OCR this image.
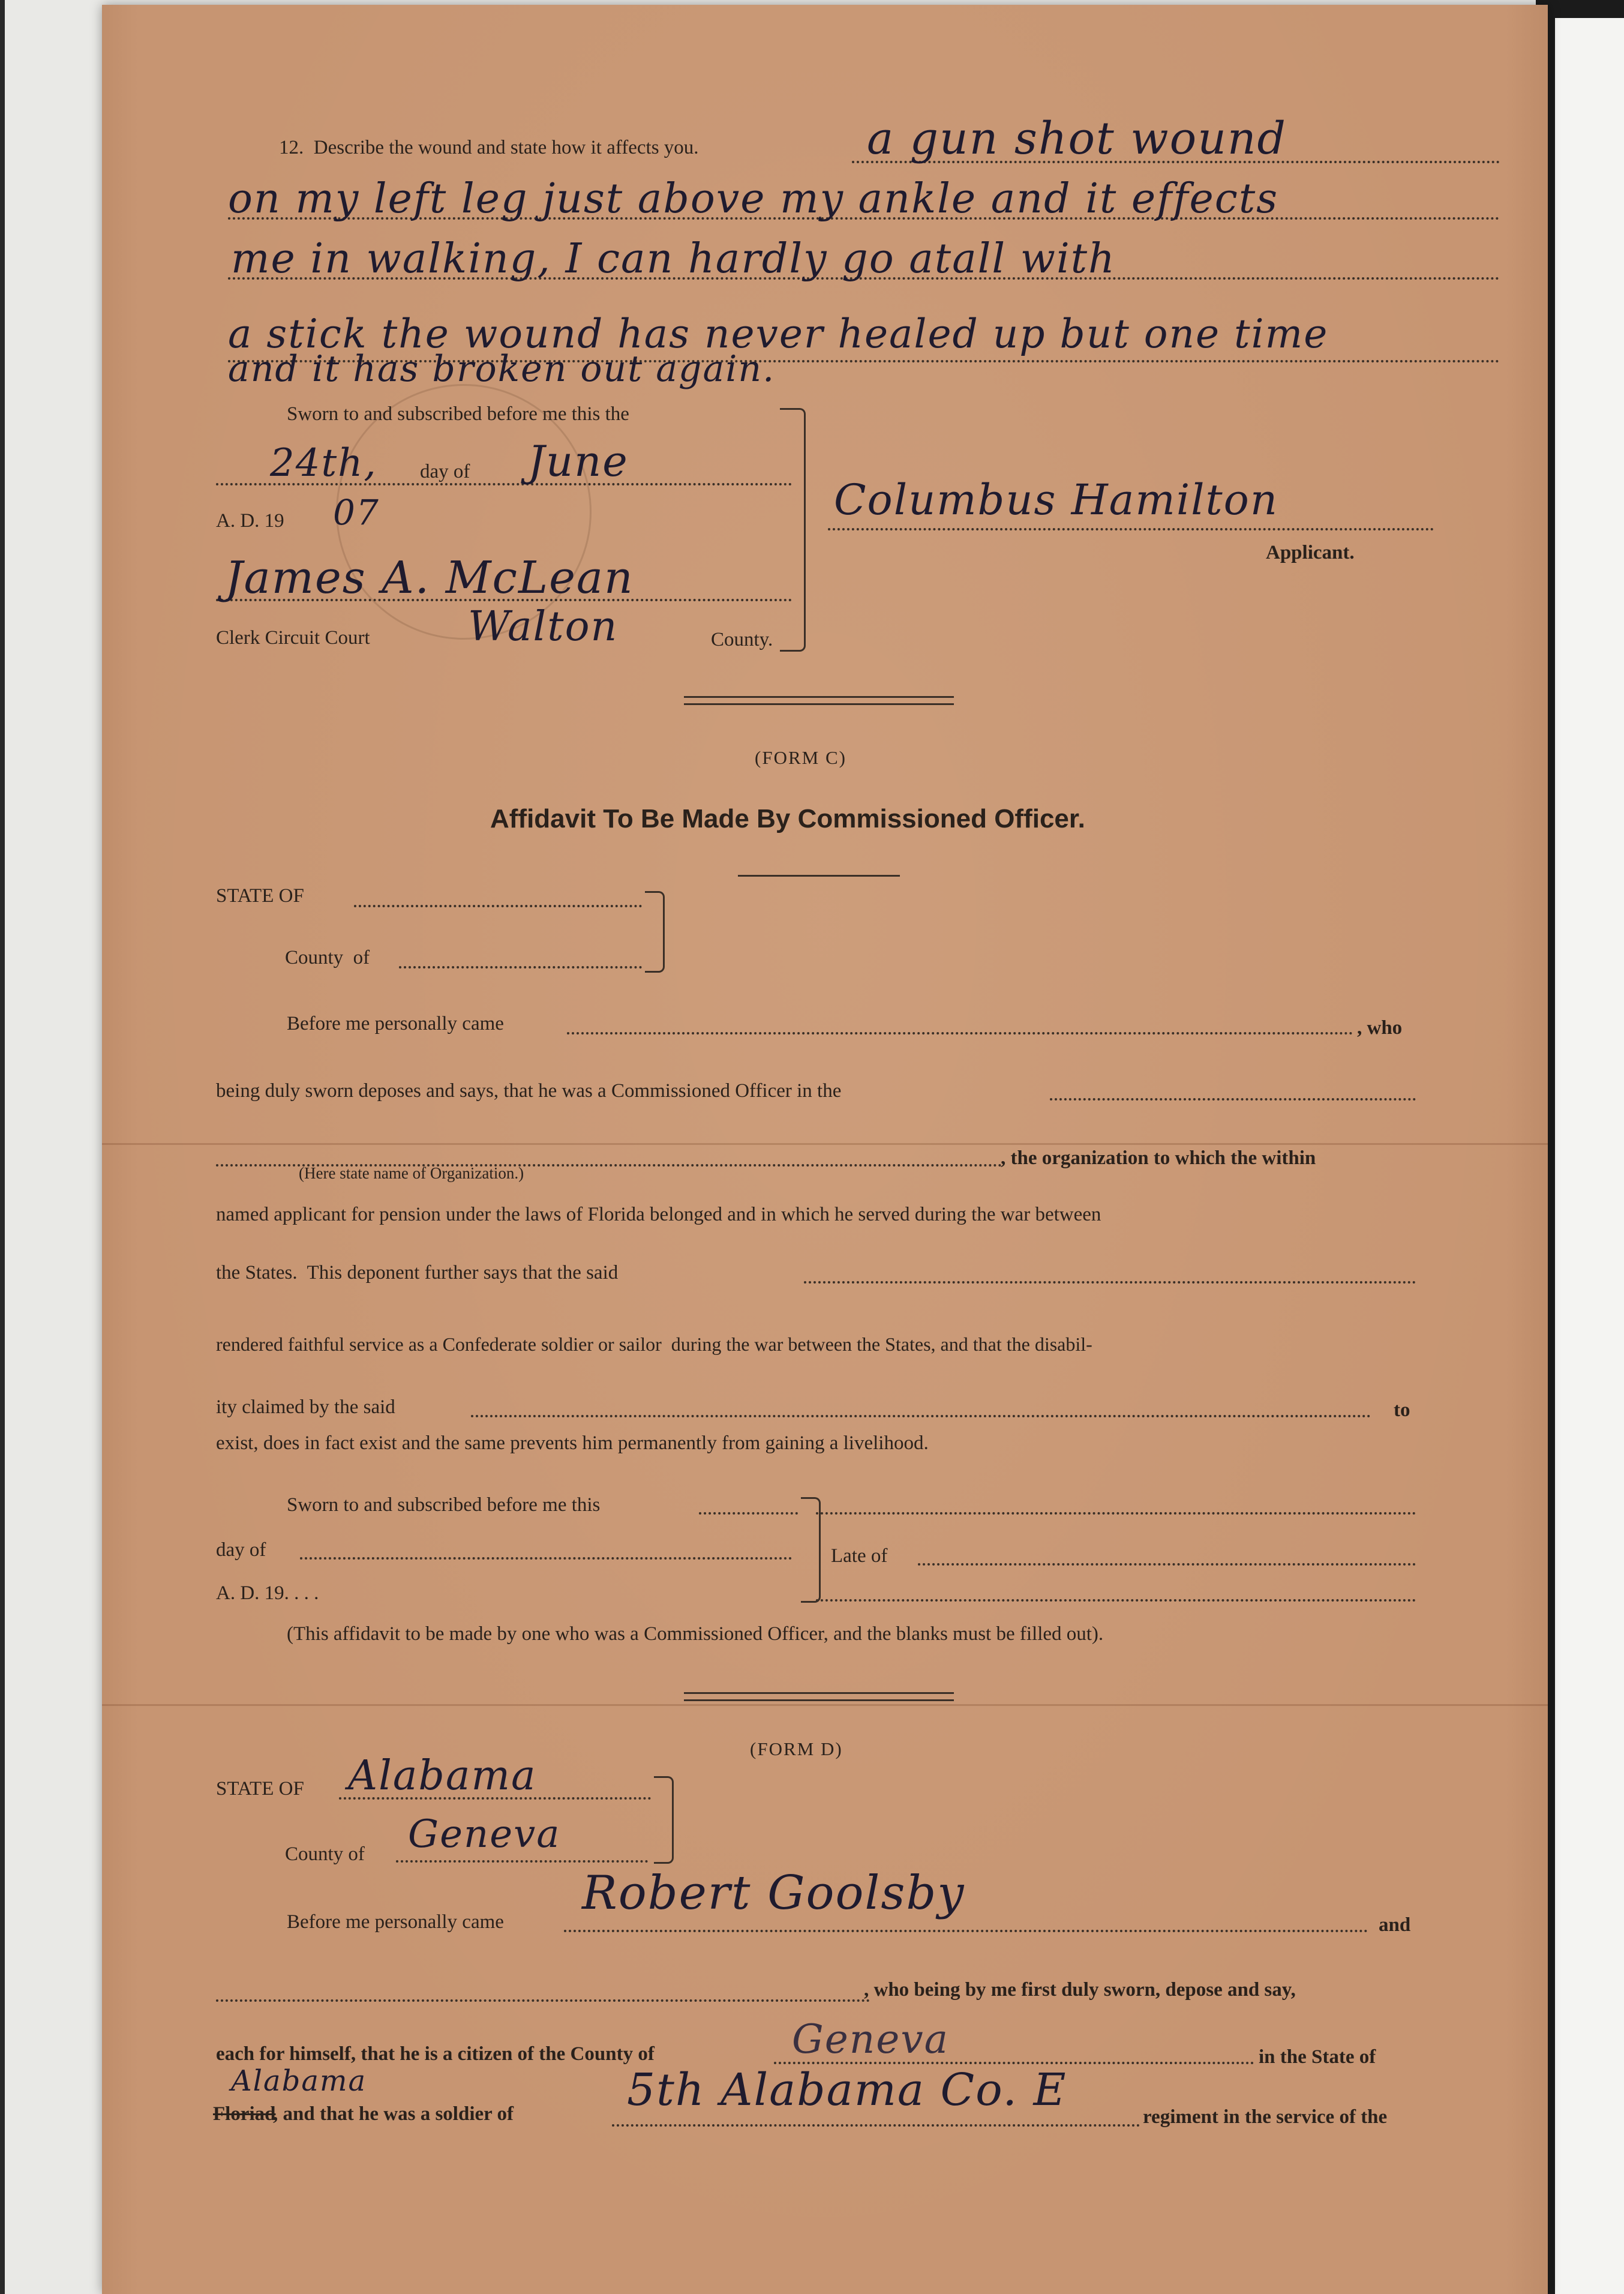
12.  Describe the wound and state how it affects you.	a gun shot wound
on my left leg just above my ankle and it effects
me in walking, I can hardly go atall with
a stick the wound has never healed up but one time
and it has broken out again.
Sworn to and subscribed before me this the
24th, day of June
A. D. 19 07
James A. McLean
Clerk Circuit Court Walton	County.
Columbus Hamilton
Applicant.
(FORM C)
Affidavit To Be Made By Commissioned Officer.
STATE OF
County  of
Before me personally came	, who
being duly sworn deposes and says, that he was a Commissioned Officer in the
(Here state name of Organization.)
, the organization to which the within
named applicant for pension under the laws of Florida belonged and in which he served during the war between
the States.  This deponent further says that the said
rendered faithful service as a Confederate soldier or sailor  during the war between the States, and that the disabil-
ity claimed by the said	to
exist, does in fact exist and the same prevents him permanently from gaining a livelihood.
Sworn to and subscribed before me this
day of	Late of
A. D. 19. . . .
(This affidavit to be made by one who was a Commissioned Officer, and the blanks must be filled out).
(FORM D)
STATE OF Alabama
County of Geneva
Before me personally came
Robert Goolsby
and
, who being by me first duly sworn, depose and say,
each for himself, that he is a citizen of the County of	Geneva	in the State of
Alabama
Floriad
, and that he was a soldier of	5th Alabama Co. E
regiment in the service of the
